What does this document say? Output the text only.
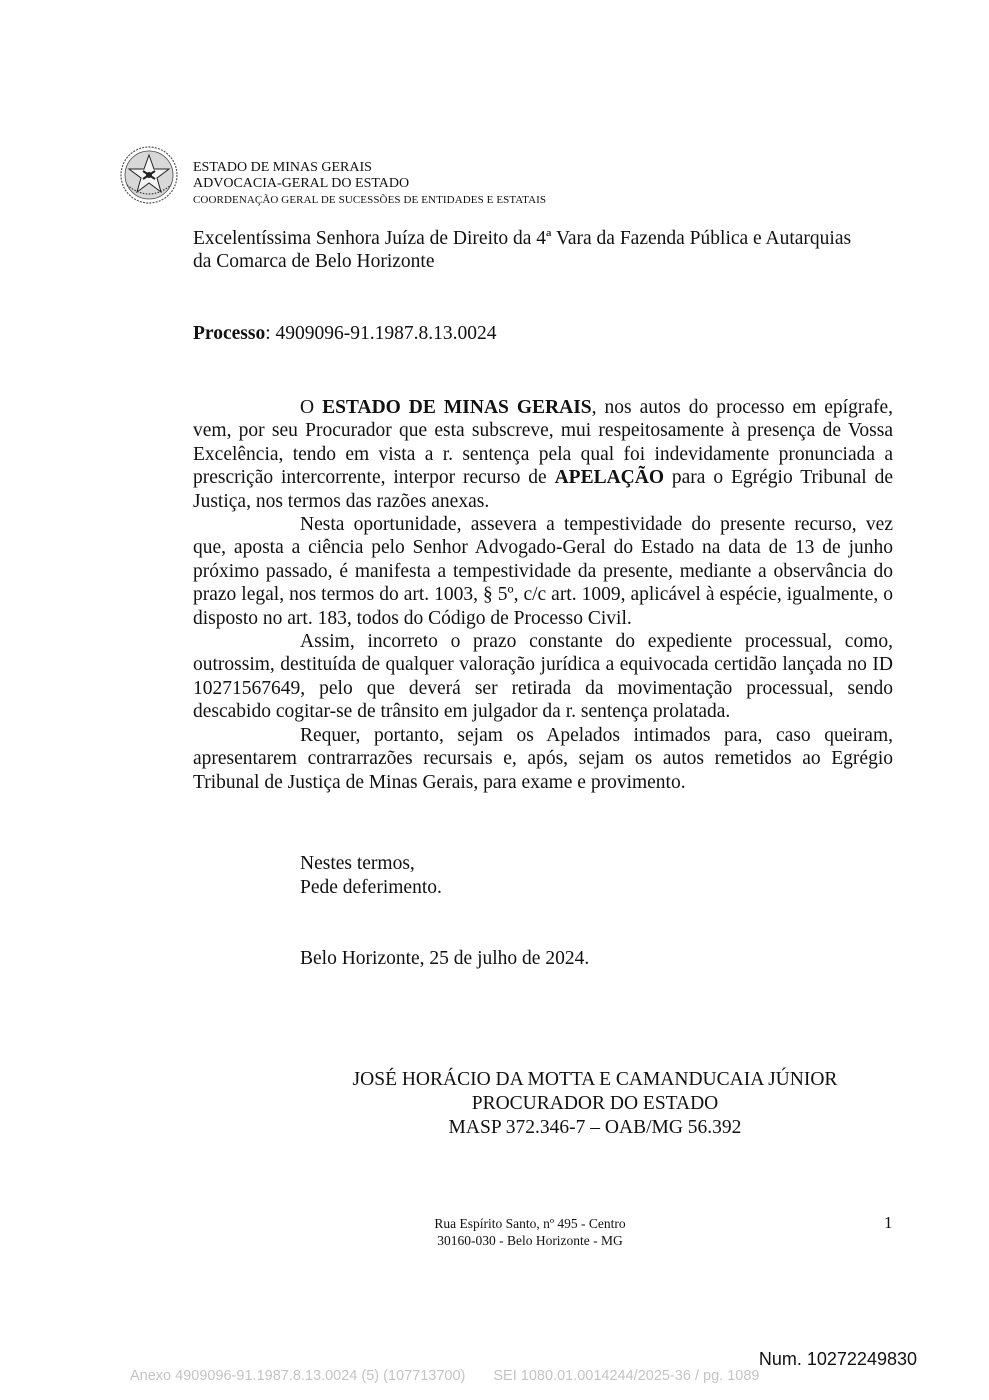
ESTADO DE MINAS GERAIS
ADVOCACIA-GERAL DO ESTADO
COORDENAÇÃO GERAL DE SUCESSÕES DE ENTIDADES E ESTATAIS
Excelentíssima Senhora Juíza de Direito da 4ª Vara da Fazenda Pública e Autarquias
da Comarca de Belo Horizonte
Processo: 4909096-91.1987.8.13.0024

O ESTADO DE MINAS GERAIS, nos autos do processo em epígrafe, vem, por seu Procurador que esta subscreve, mui respeitosamente à presença de Vossa Excelência, tendo em vista a r. sentença pela qual foi indevidamente pronunciada a prescrição intercorrente, interpor recurso de APELAÇÃO para o Egrégio Tribunal de Justiça, nos termos das razões anexas.

Nesta oportunidade, assevera a tempestividade do presente recurso, vez que, aposta a ciência pelo Senhor Advogado-Geral do Estado na data de 13 de junho próximo passado, é manifesta a tempestividade da presente, mediante a observância do prazo legal, nos termos do art. 1003, § 5º, c/c art. 1009, aplicável à espécie, igualmente, o disposto no art. 183, todos do Código de Processo Civil.

Assim, incorreto o prazo constante do expediente processual, como, outrossim, destituída de qualquer valoração jurídica a equivocada certidão lançada no ID 10271567649, pelo que deverá ser retirada da movimentação processual, sendo descabido cogitar-se de trânsito em julgador da r. sentença prolatada.

Requer, portanto, sejam os Apelados intimados para, caso queiram, apresentarem contrarrazões recursais e, após, sejam os autos remetidos ao Egrégio Tribunal de Justiça de Minas Gerais, para exame e provimento.

Nestes termos,
Pede deferimento.
Belo Horizonte, 25 de julho de 2024.
JOSÉ HORÁCIO DA MOTTA E CAMANDUCAIA JÚNIOR
PROCURADOR DO ESTADO
MASP 372.346-7 – OAB/MG 56.392
Rua Espírito Santo, nº 495 - Centro
30160-030 - Belo Horizonte - MG
1
Num. 10272249830
Anexo 4909096-91.1987.8.13.0024 (5) (107713700) SEI 1080.01.0014244/2025-36 / pg. 1089
